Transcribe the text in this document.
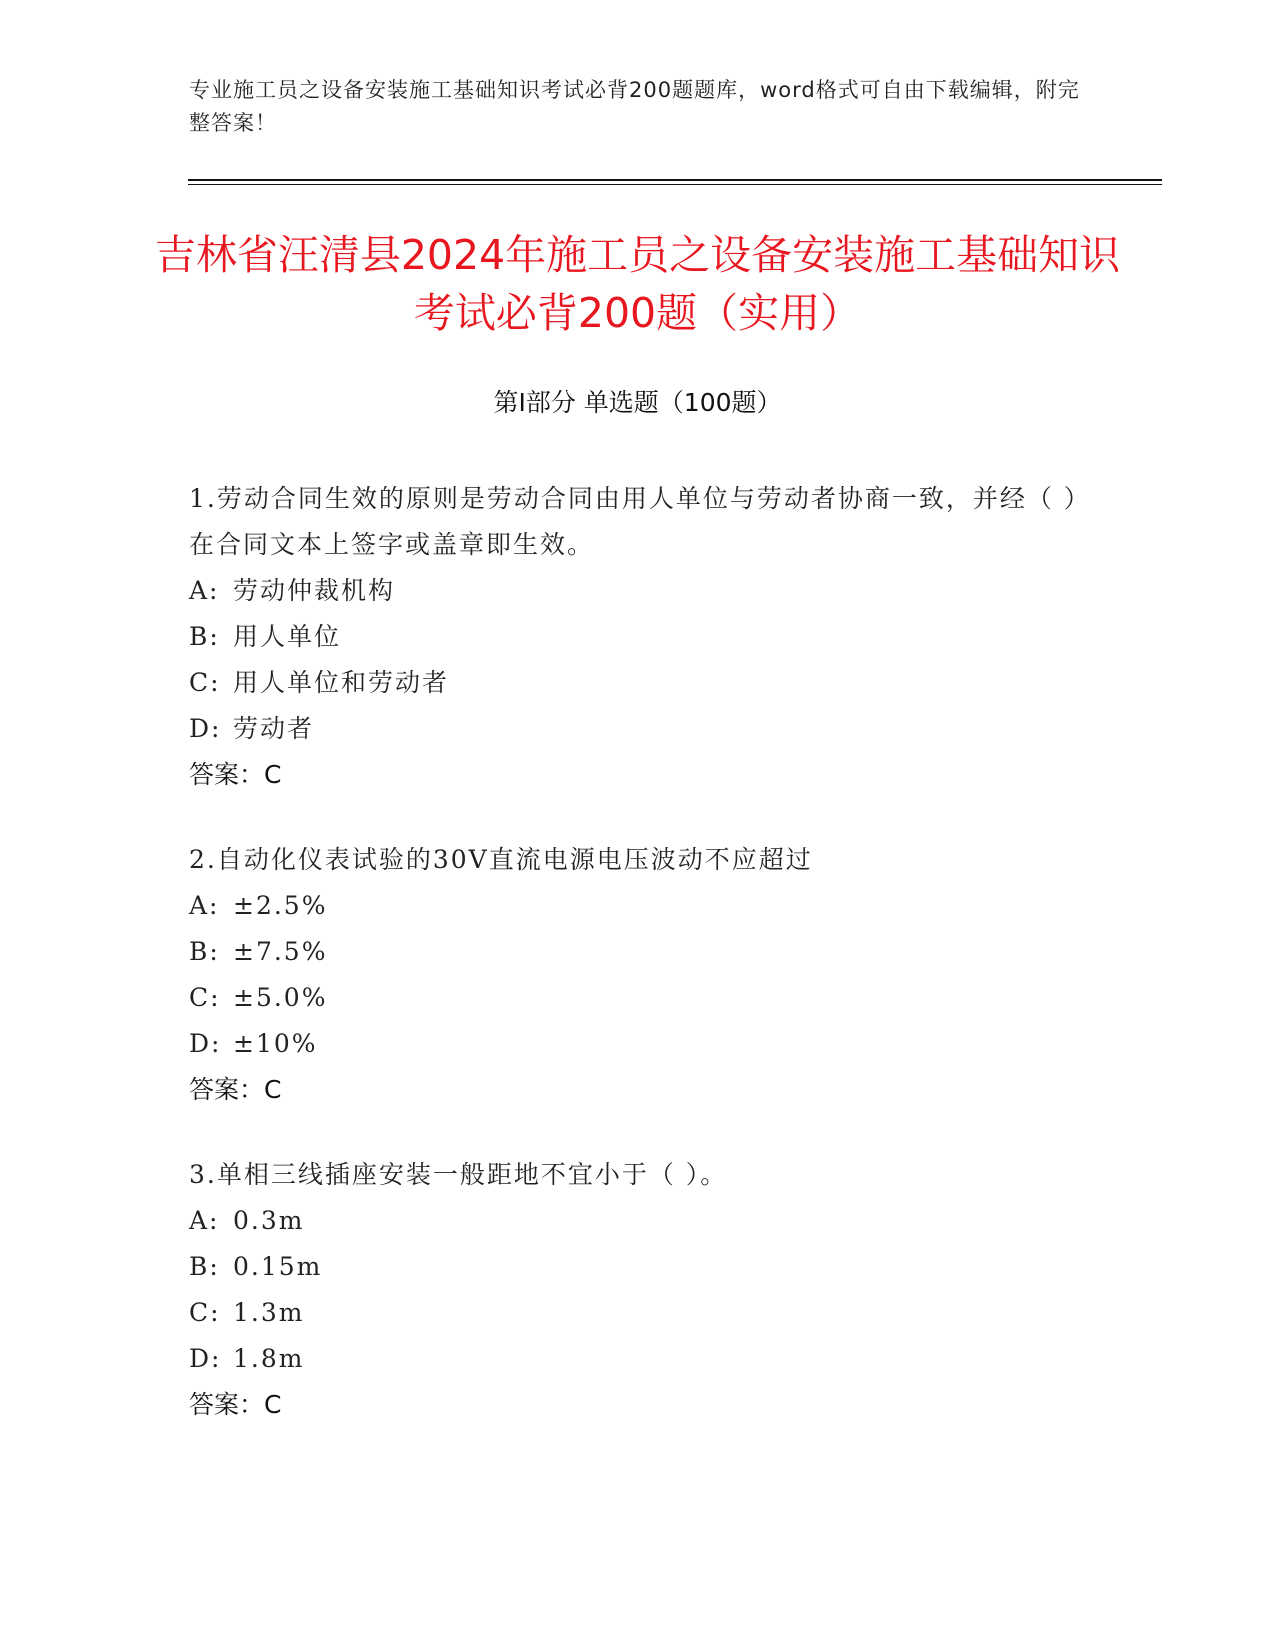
专业施工员之设备安装施工基础知识考试必背200题题库，word格式可自由下载编辑，附完整答案！
吉林省汪清县2024年施工员之设备安装施工基础知识考试必背200题（实用）
第I部分 单选题（100题）
1.劳动合同生效的原则是劳动合同由用人单位与劳动者协商一致，并经（ ）在合同文本上签字或盖章即生效。
A: 劳动仲裁机构
B: 用人单位
C: 用人单位和劳动者
D: 劳动者
答案：C
2.自动化仪表试验的30V直流电源电压波动不应超过
A: ±2.5%
B: ±7.5%
C: ±5.0%
D: ±10%
答案：C
3.单相三线插座安装一般距地不宜小于（ ）。
A: 0.3m
B: 0.15m
C: 1.3m
D: 1.8m
答案：C
